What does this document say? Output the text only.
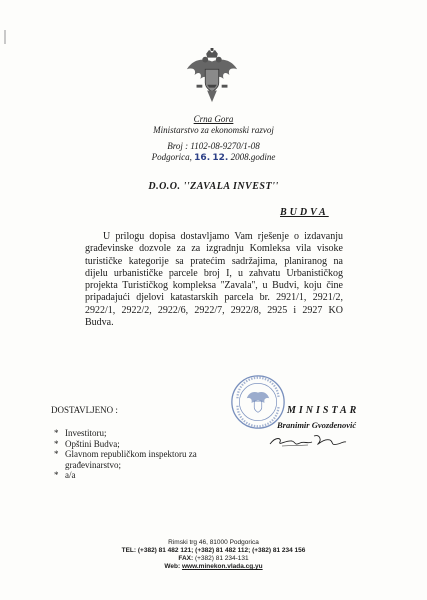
Crna Gora
Ministarstvo za ekonomski razvoj
Broj : 1102-08-9270/1-08
Podgorica, 16. 12. 2008.godine
D.O.O. ''ZAVALA INVEST''
BUDVA
U prilogu dopisa dostavljamo Vam rješenje o izdavanju građevinske dozvole za za izgradnju Komleksa vila visoke turističke kategorije sa pratećim sadržajima, planiranog na dijelu urbanističke parcele broj I, u zahvatu Urbanističkog projekta Turističkog kompleksa ''Zavala'', u Budvi, koju čine pripadajući djelovi katastarskih parcela br. 2921/1, 2921/2, 2922/1, 2922/2, 2922/6, 2922/7, 2922/8, 2925 i 2927 KO Budva.
DOSTAVLJENO :
* Investitoru;
* Opštini Budva;
* Glavnom republičkom inspektoru za građevinarstvo;
* a/a
MINISTAR
Branimir Gvozdenović
Rimski trg 46, 81000 Podgorica
TEL: (+382) 81 482 121; (+382) 81 482 112; (+382) 81 234 156
FAX: (+382) 81 234-131
Web: www.minekon.vlada.cg.yu
